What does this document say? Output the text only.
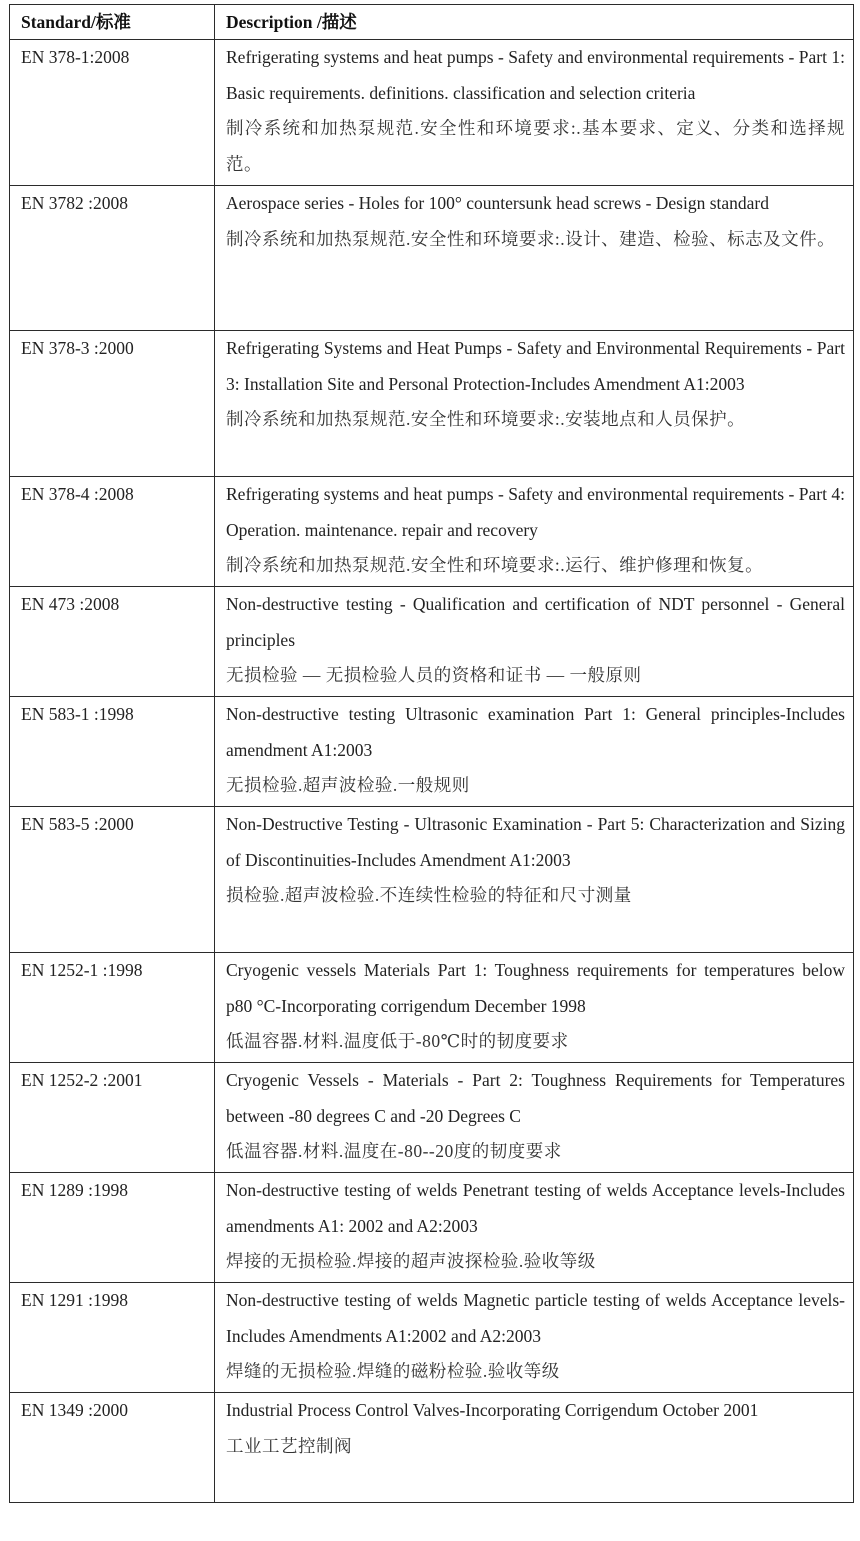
Standard/标准	Description /描述

EN 378-1:2008	Refrigerating systems and heat pumps - Safety and environmental requirements - Part 1: Basic requirements. definitions. classification and selection criteria
制冷系统和加热泵规范.安全性和环境要求:.基本要求、定义、分类和选择规范。

EN 3782 :2008	Aerospace series - Holes for 100° countersunk head screws - Design standard
制冷系统和加热泵规范.安全性和环境要求:.设计、建造、检验、标志及文件。

EN 378-3 :2000	Refrigerating Systems and Heat Pumps - Safety and Environmental Requirements - Part 3: Installation Site and Personal Protection-Includes Amendment A1:2003
制冷系统和加热泵规范.安全性和环境要求:.安装地点和人员保护。

EN 378-4 :2008	Refrigerating systems and heat pumps - Safety and environmental requirements - Part 4: Operation. maintenance. repair and recovery
制冷系统和加热泵规范.安全性和环境要求:.运行、维护修理和恢复。

EN 473 :2008	Non-destructive testing - Qualification and certification of NDT personnel - General principles
无损检验 — 无损检验人员的资格和证书 — 一般原则

EN 583-1 :1998	Non-destructive testing Ultrasonic examination Part 1: General principles-Includes amendment A1:2003
无损检验.超声波检验.一般规则

EN 583-5 :2000	Non-Destructive Testing - Ultrasonic Examination - Part 5: Characterization and Sizing of Discontinuities-Includes Amendment A1:2003
损检验.超声波检验.不连续性检验的特征和尺寸测量

EN 1252-1 :1998	Cryogenic vessels Materials Part 1: Toughness requirements for temperatures below p80 °C-Incorporating corrigendum December 1998
低温容器.材料.温度低于-80℃时的韧度要求

EN 1252-2 :2001	Cryogenic Vessels - Materials - Part 2: Toughness Requirements for Temperatures between -80 degrees C and -20 Degrees C
低温容器.材料.温度在-80--20度的韧度要求

EN 1289 :1998	Non-destructive testing of welds Penetrant testing of welds Acceptance levels-Includes amendments A1: 2002 and A2:2003
焊接的无损检验.焊接的超声波探检验.验收等级

EN 1291 :1998	Non-destructive testing of welds Magnetic particle testing of welds Acceptance levels-Includes Amendments A1:2002 and A2:2003
焊缝的无损检验.焊缝的磁粉检验.验收等级

EN 1349 :2000	Industrial Process Control Valves-Incorporating Corrigendum October 2001
工业工艺控制阀
